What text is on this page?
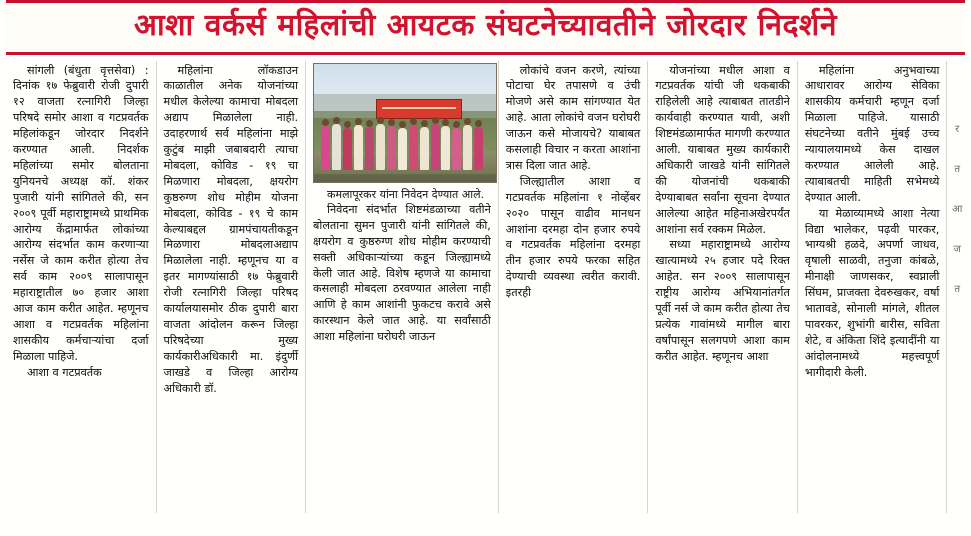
आशा वर्कर्स महिलांची आयटक संघटनेच्यावतीने जोरदार निदर्शने

सांगली (बंधुता वृत्तसेवा) : दिनांक १७ फेब्रुवारी रोजी दुपारी १२ वाजता रत्नागिरी जिल्हा परिषदे समोर आशा व गटप्रवर्तक महिलांकडून जोरदार निदर्शने करण्यात आली. निदर्शक महिलांच्या समोर बोलताना युनियनचे अध्यक्ष कॉ. शंकर पुजारी यांनी सांगितले की, सन २००९ पूर्वी महाराष्ट्रामध्ये प्राथमिक आरोग्य केंद्रामार्फत लोकांच्या आरोग्य संदर्भात काम करणाऱ्या नर्सेस जे काम करीत होत्या तेच सर्व काम २००९ सालापासून महाराष्ट्रातील ७० हजार आशा आज काम करीत आहेत. म्हणूनच आशा व गटप्रवर्तक महिलांना शासकीय कर्मचाऱ्यांचा दर्जा मिळाला पाहिजे.

आशा व गटप्रवर्तक

महिलांना लॉकडाउन काळातील अनेक योजनांच्या मधील केलेल्या कामाचा मोबदला अद्याप मिळालेला नाही. उदाहरणार्थ सर्व महिलांना माझे कुटुंब माझी जबाबदारी त्याचा मोबदला, कोविड - १९ चा मिळणारा मोबदला, क्षयरोग कुष्ठरुग्ण शोध मोहीम योजना मोबदला, कोविड - १९ चे काम केल्याबद्दल ग्रामपंचायतीकडून मिळणारा मोबदलाअद्याप मिळालेला नाही. म्हणूनच या व इतर मागण्यांसाठी १७ फेब्रुवारी रोजी रत्नागिरी जिल्हा परिषद कार्यालयासमोर ठीक दुपारी बारा वाजता आंदोलन करून जिल्हा परिषदेच्या मुख्य कार्यकारीअधिकारी मा. इंदुर्णी जाखडे व जिल्हा आरोग्य अधिकारी डॉ.

कमलापूरकर यांना निवेदन देण्यात आले.

निवेदना संदर्भात शिष्टमंडळाच्या वतीने बोलताना सुमन पुजारी यांनी सांगितले की, क्षयरोग व कुष्ठरुग्ण शोध मोहीम करण्याची सक्ती अधिकाऱ्यांच्या कडून जिल्ह्यामध्ये केली जात आहे. विशेष म्हणजे या कामाचा कसलाही मोबदला ठरवण्यात आलेला नाही आणि हे काम आशांनी फुकटच करावे असे कारस्थान केले जात आहे. या सर्वांसाठी आशा महिलांना घरोघरी जाऊन

लोकांचे वजन करणे, त्यांच्या पोटाचा घेर तपासणे व उंची मोजणे असे काम सांगण्यात येत आहे. आता लोकांचे वजन घरोघरी जाऊन कसे मोजायचे? याबाबत कसलाही विचार न करता आशांना त्रास दिला जात आहे.

जिल्ह्यातील आशा व गटप्रवर्तक महिलांना १ नोव्हेंबर २०२० पासून वाढीव मानधन आशांना दरमहा दोन हजार रुपये व गटप्रवर्तक महिलांना दरमहा तीन हजार रुपये फरका सहित देण्याची व्यवस्था त्वरीत करावी. इतरही

योजनांच्या मधील आशा व गटप्रवर्तक यांची जी थकबाकी राहिलेली आहे त्याबाबत तातडीने कार्यवाही करण्यात यावी, अशी शिष्टमंडळामार्फत मागणी करण्यात आली. याबाबत मुख्य कार्यकारी अधिकारी जाखडे यांनी सांगितले की योजनांची थकबाकी देण्याबाबत सर्वांना सूचना देण्यात आलेल्या आहेत महिनाअखेरपर्यंत आशांना सर्व रक्कम मिळेल.

सध्या महाराष्ट्रामध्ये आरोग्य खात्यामध्ये २५ हजार पदे रिक्त आहेत. सन २००९ सालापासून राष्ट्रीय आरोग्य अभियानांतर्गत पूर्वी नर्स जे काम करीत होत्या तेच प्रत्येक गावांमध्ये मागील बारा वर्षांपासून सलगपणे आशा काम करीत आहेत. म्हणूनच आशा

महिलांना अनुभवाच्या आधारावर आरोग्य सेविका शासकीय कर्मचारी म्हणून दर्जा मिळाला पाहिजे. यासाठी संघटनेच्या वतीने मुंबई उच्च न्यायालयामध्ये केस दाखल करण्यात आलेली आहे. त्याबाबतची माहिती सभेमध्ये देण्यात आली.

या मेळाव्यामध्ये आशा नेत्या विद्या भालेकर, पढ़वी पारकर, भाग्यश्री हळदे, अपर्णा जाधव, वृषाली साळवी, तनुजा कांबळे, मीनाक्षी जाणसकर, स्वप्नाली सिंघम, प्राजक्ता देवरुखकर, वर्षा भातावडे, सोनाली मांगले, शीतल पावरकर, शुभांगी बारीस, सविता शेटे, व अंकिता शिंदे इत्यादींनी या आंदोलनामध्ये महत्त्वपूर्ण भागीदारी केली.

र
त
आ
ज
त
